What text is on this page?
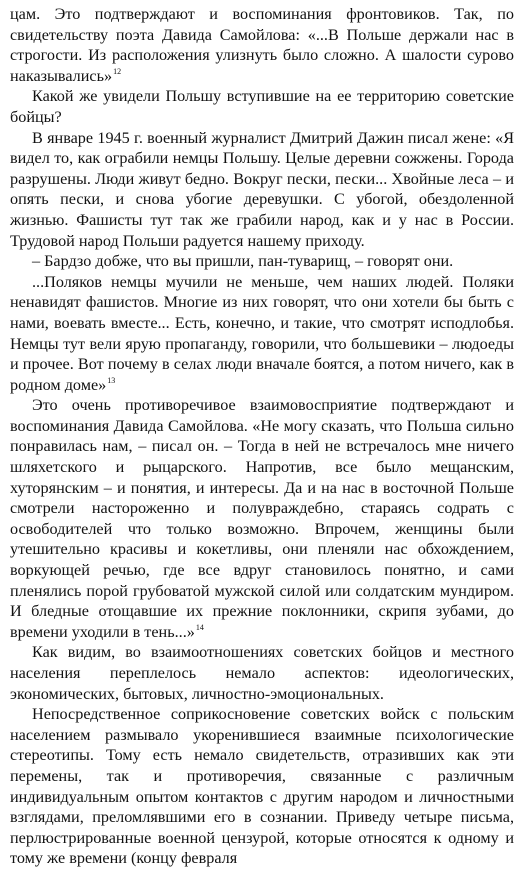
цам. Это подтверждают и воспоминания фронтовиков. Так, по свидетельству поэта Давида Самойлова: «...В Польше держали нас в строгости. Из расположения улизнуть было сложно. А шалости сурово наказывались»$^{12}$

Какой же увидели Польшу вступившие на ее территорию советские бойцы?

В январе 1945 г. военный журналист Дмитрий Дажин писал жене: «Я видел то, как ограбили немцы Польшу. Целые деревни сожжены. Города разрушены. Люди живут бедно. Вокруг пески, пески... Хвойные леса – и опять пески, и снова убогие деревушки. С убогой, обездоленной жизнью. Фашисты тут так же грабили народ, как и у нас в России. Трудовой народ Польши радуется нашему приходу.

– Бардзо добже, что вы пришли, пан-туварищ, – говорят они.

...Поляков немцы мучили не меньше, чем наших людей. Поляки ненавидят фашистов. Многие из них говорят, что они хотели бы быть с нами, воевать вместе... Есть, конечно, и такие, что смотрят исподлобья. Немцы тут вели ярую пропаганду, говорили, что большевики – людоеды и прочее. Вот почему в селах люди вначале боятся, а потом ничего, как в родном доме»$^{13}$

Это очень противоречивое взаимовосприятие подтверждают и воспоминания Давида Самойлова. «Не могу сказать, что Польша сильно понравилась нам, – писал он. – Тогда в ней не встречалось мне ничего шляхетского и рыцарского. Напротив, все было мещанским, хуторянским – и понятия, и интересы. Да и на нас в восточной Польше смотрели настороженно и полувраждебно, стараясь содрать с освободителей что только возможно. Впрочем, женщины были утешительно красивы и кокетливы, они пленяли нас обхождением, воркующей речью, где все вдруг становилось понятно, и сами пленялись порой грубоватой мужской силой или солдатским мундиром. И бледные отощавшие их прежние поклонники, скрипя зубами, до времени уходили в тень...»$^{14}$

Как видим, во взаимоотношениях советских бойцов и местного населения переплелось немало аспектов: идеологических, экономических, бытовых, личностно-эмоциональных.

Непосредственное соприкосновение советских войск с польским населением размывало укоренившиеся взаимные психологические стереотипы. Тому есть немало свидетельств, отразивших как эти перемены, так и противоречия, связанные с различным индивидуальным опытом контактов с другим народом и личностными взглядами, преломлявшими его в сознании. Приведу четыре письма, перлюстрированные военной цензурой, которые относятся к одному и тому же времени (концу февраля
